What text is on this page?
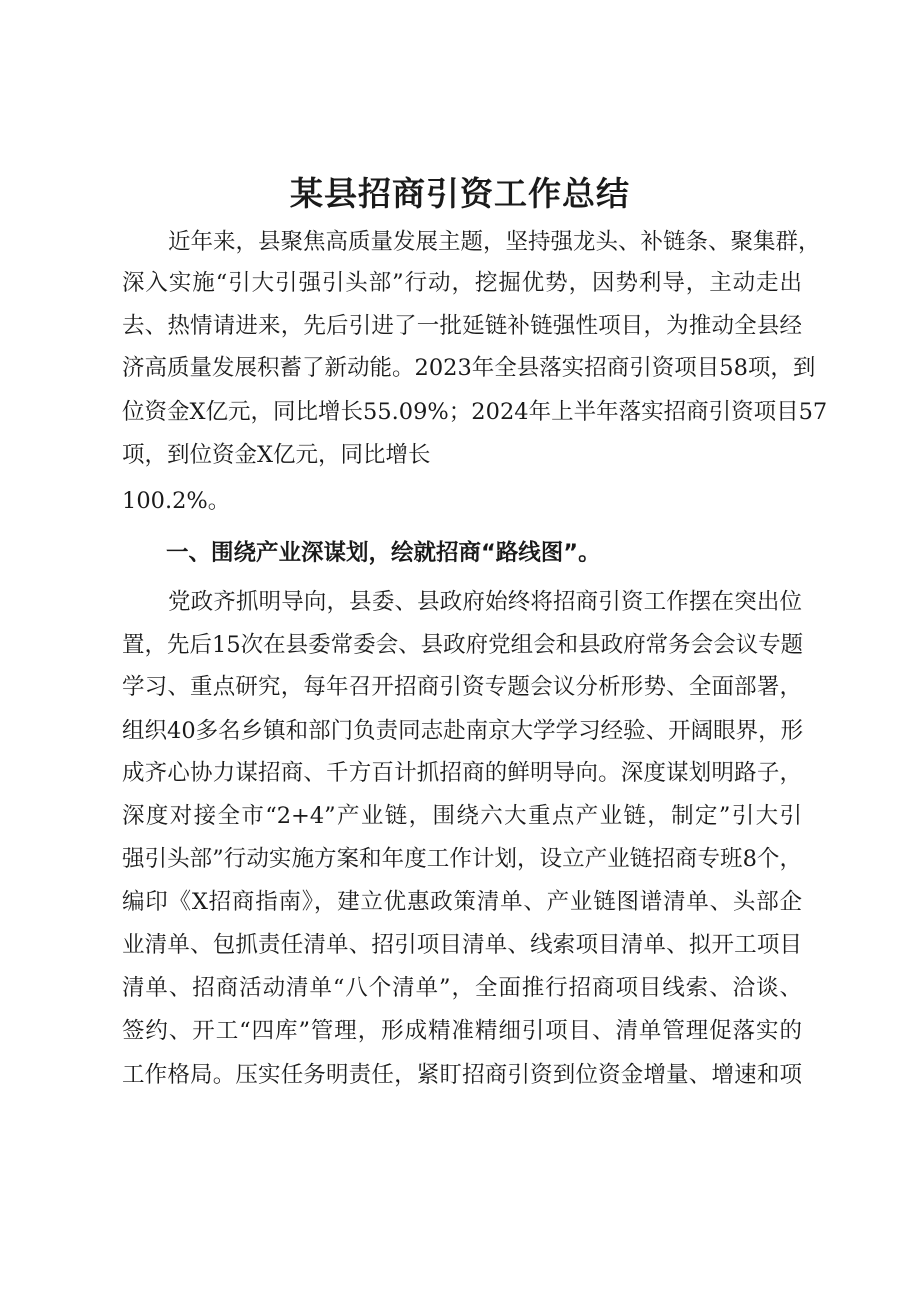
某县招商引资工作总结

近年来，县聚焦高质量发展主题，坚持强龙头、补链条、聚集群，

深入实施“引大引强引头部”行动，挖掘优势，因势利导，主动走出

去、热情请进来，先后引进了一批延链补链强性项目，为推动全县经

济高质量发展积蓄了新动能。2023年全县落实招商引资项目58项，到

位资金X亿元，同比增长55.09%；2024年上半年落实招商引资项目57

项，到位资金X亿元，同比增长

100.2%。

一、围绕产业深谋划，绘就招商“路线图”。

党政齐抓明导向，县委、县政府始终将招商引资工作摆在突出位

置，先后15次在县委常委会、县政府党组会和县政府常务会会议专题

学习、重点研究，每年召开招商引资专题会议分析形势、全面部署，

组织40多名乡镇和部门负责同志赴南京大学学习经验、开阔眼界，形

成齐心协力谋招商、千方百计抓招商的鲜明导向。深度谋划明路子，

深度对接全市“2+4”产业链，围绕六大重点产业链，制定”引大引

强引头部”行动实施方案和年度工作计划，设立产业链招商专班8个，

编印《X招商指南》，建立优惠政策清单、产业链图谱清单、头部企

业清单、包抓责任清单、招引项目清单、线索项目清单、拟开工项目

清单、招商活动清单“八个清单”，全面推行招商项目线索、洽谈、

签约、开工“四库”管理，形成精准精细引项目、清单管理促落实的

工作格局。压实任务明责任，紧盯招商引资到位资金增量、增速和项
